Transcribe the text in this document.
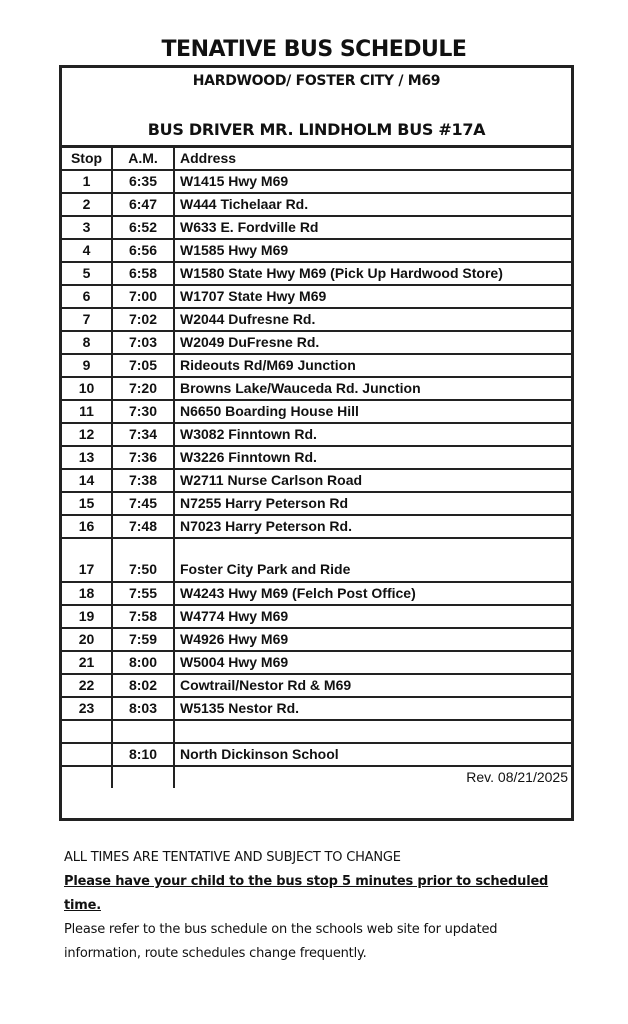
TENATIVE BUS SCHEDULE
HARDWOOD/ FOSTER CITY / M69
BUS DRIVER MR. LINDHOLM BUS #17A
Stop	A.M.	Address
1	6:35	W1415 Hwy M69
2	6:47	W444 Tichelaar Rd.
3	6:52	W633 E. Fordville Rd
4	6:56	W1585 Hwy M69
5	6:58	W1580 State Hwy M69 (Pick Up Hardwood Store)
6	7:00	W1707 State Hwy M69
7	7:02	W2044 Dufresne Rd.
8	7:03	W2049 DuFresne Rd.
9	7:05	Rideouts Rd/M69 Junction
10	7:20	Browns Lake/Wauceda Rd. Junction
11	7:30	N6650 Boarding House Hill
12	7:34	W3082 Finntown Rd.
13	7:36	W3226 Finntown Rd.
14	7:38	W2711 Nurse Carlson Road
15	7:45	N7255 Harry Peterson Rd
16	7:48	N7023 Harry Peterson Rd.
17	7:50	Foster City Park and Ride
18	7:55	W4243 Hwy M69 (Felch Post Office)
19	7:58	W4774 Hwy M69
20	7:59	W4926 Hwy M69
21	8:00	W5004 Hwy M69
22	8:02	Cowtrail/Nestor Rd & M69
23	8:03	W5135 Nestor Rd.

	8:10	North Dickinson School
		Rev. 08/21/2025

ALL TIMES ARE TENTATIVE AND SUBJECT TO CHANGE

Please have your child to the bus stop 5 minutes prior to scheduled time.

Please refer to the bus schedule on the schools web site for updated

information, route schedules change frequently.
